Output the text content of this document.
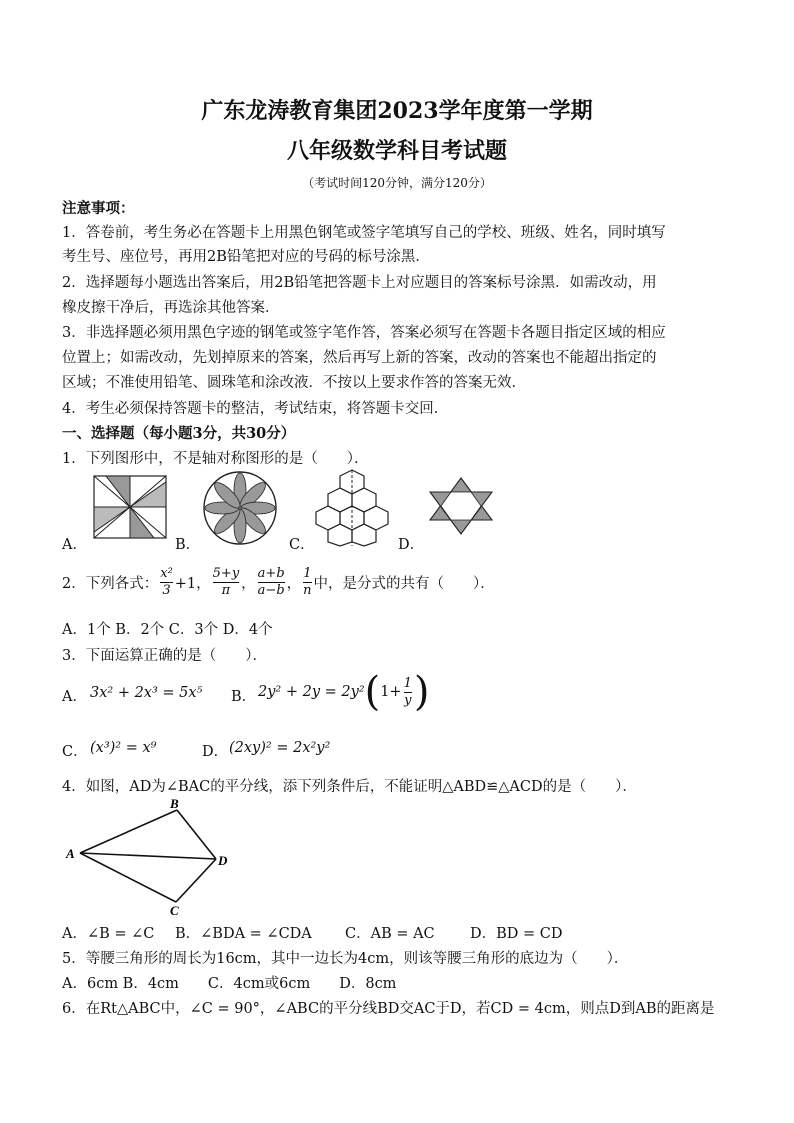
广东龙涛教育集团2023学年度第一学期
八年级数学科目考试题
（考试时间120分钟，满分120分）
注意事项：
1．答卷前，考生务必在答题卡上用黑色钢笔或签字笔填写自己的学校、班级、姓名，同时填写
考生号、座位号，再用2B铅笔把对应的号码的标号涂黑．
2．选择题每小题选出答案后，用2B铅笔把答题卡上对应题目的答案标号涂黑．如需改动，用
橡皮擦干净后，再选涂其他答案．
3．非选择题必须用黑色字迹的钢笔或签字笔作答，答案必须写在答题卡各题目指定区域的相应
位置上；如需改动，先划掉原来的答案，然后再写上新的答案，改动的答案也不能超出指定的
区域；不准使用铅笔、圆珠笔和涂改液．不按以上要求作答的答案无效．
4．考生必须保持答题卡的整洁，考试结束，将答题卡交回．
一、选择题（每小题3分，共30分）
1．下列图形中，不是轴对称图形的是（　　）．
A．	B．	C．	D．
2．下列各式： $\frac{\text{x²}}{3} +1$， $\frac{5+y}{\pi}$ ， $\frac{a+b}{a-b}$ ， $\frac{1}{n}$ 中，是分式的共有（　　）．
A．1个 B．2个 C．3个 D．4个
3．下面运算正确的是（　　）．
A． 3x² + 2x³ = 5x⁵ B． 2y² + 2y = 2y² ( $1+ \frac{1}{y}$ )
C． (x³)² = x⁹	D． (2xy)² = 2x²y²
4．如图，AD为∠BAC的平分线，添下列条件后，不能证明△ABD≌△ACD的是（　　）．
A
B
C
D
A．∠B = ∠C B．∠BDA = ∠CDA C．AB = AC D．BD = CD
5．等腰三角形的周长为16cm，其中一边长为4cm，则该等腰三角形的底边为（　　）．
A．6cm B．4cm　　C．4cm或6cm　　D．8cm
6．在Rt△ABC中，∠C = 90°，∠ABC的平分线BD交AC于D，若CD = 4cm，则点D到AB的距离是
